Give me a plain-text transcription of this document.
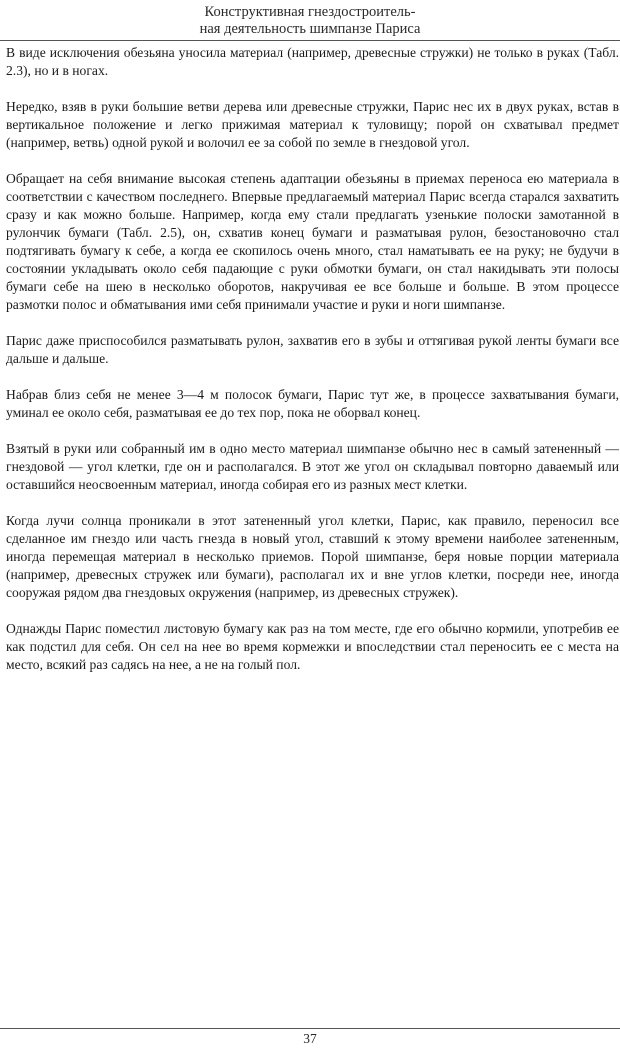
Конструктивная гнездостроитель-
ная деятельность шимпанзе Париса

В виде исключения обезьяна уносила материал (например, древесные стружки) не только в руках (Табл. 2.3), но и в ногах.

Нередко, взяв в руки большие ветви дерева или древесные стружки, Парис нес их в двух руках, встав в вертикальное положение и легко прижимая материал к туловищу; порой он схватывал предмет (например, ветвь) одной рукой и волочил ее за собой по земле в гнездовой угол.

Обращает на себя внимание высокая степень адаптации обезьяны в приемах переноса ею материала в соответствии с качеством последнего. Впервые предлагаемый материал Парис всегда старался захватить сразу и как можно больше. Например, когда ему стали предлагать узенькие полоски замотанной в рулончик бумаги (Табл. 2.5), он, схватив конец бумаги и разматывая рулон, безостановочно стал подтягивать бумагу к себе, а когда ее скопилось очень много, стал наматывать ее на руку; не будучи в состоянии укладывать около себя падающие с руки обмотки бумаги, он стал накидывать эти полосы бумаги себе на шею в несколько оборотов, накручивая ее все больше и больше. В этом процессе размотки полос и обматывания ими себя принимали участие и руки и ноги шимпанзе.

Парис даже приспособился разматывать рулон, захватив его в зубы и оттягивая рукой ленты бумаги все дальше и дальше.

Набрав близ себя не менее 3—4 м полосок бумаги, Парис тут же, в процессе захватывания бумаги, уминал ее около себя, разматывая ее до тех пор, пока не оборвал конец.

Взятый в руки или собранный им в одно место материал шимпанзе обычно нес в самый затененный — гнездовой — угол клетки, где он и располагался. В этот же угол он складывал повторно даваемый или оставшийся неосвоенным материал, иногда собирая его из разных мест клетки.

Когда лучи солнца проникали в этот затененный угол клетки, Парис, как правило, переносил все сделанное им гнездо или часть гнезда в новый угол, ставший к этому времени наиболее затененным, иногда перемещая материал в несколько приемов. Порой шимпанзе, беря новые порции материала (например, древесных стружек или бумаги), располагал их и вне углов клетки, посреди нее, иногда сооружая рядом два гнездовых окружения (например, из древесных стружек).

Однажды Парис поместил листовую бумагу как раз на том месте, где его обычно кормили, употребив ее как подстил для себя. Он сел на нее во время кормежки и впоследствии стал переносить ее с места на место, всякий раз садясь на нее, а не на голый пол.

37
